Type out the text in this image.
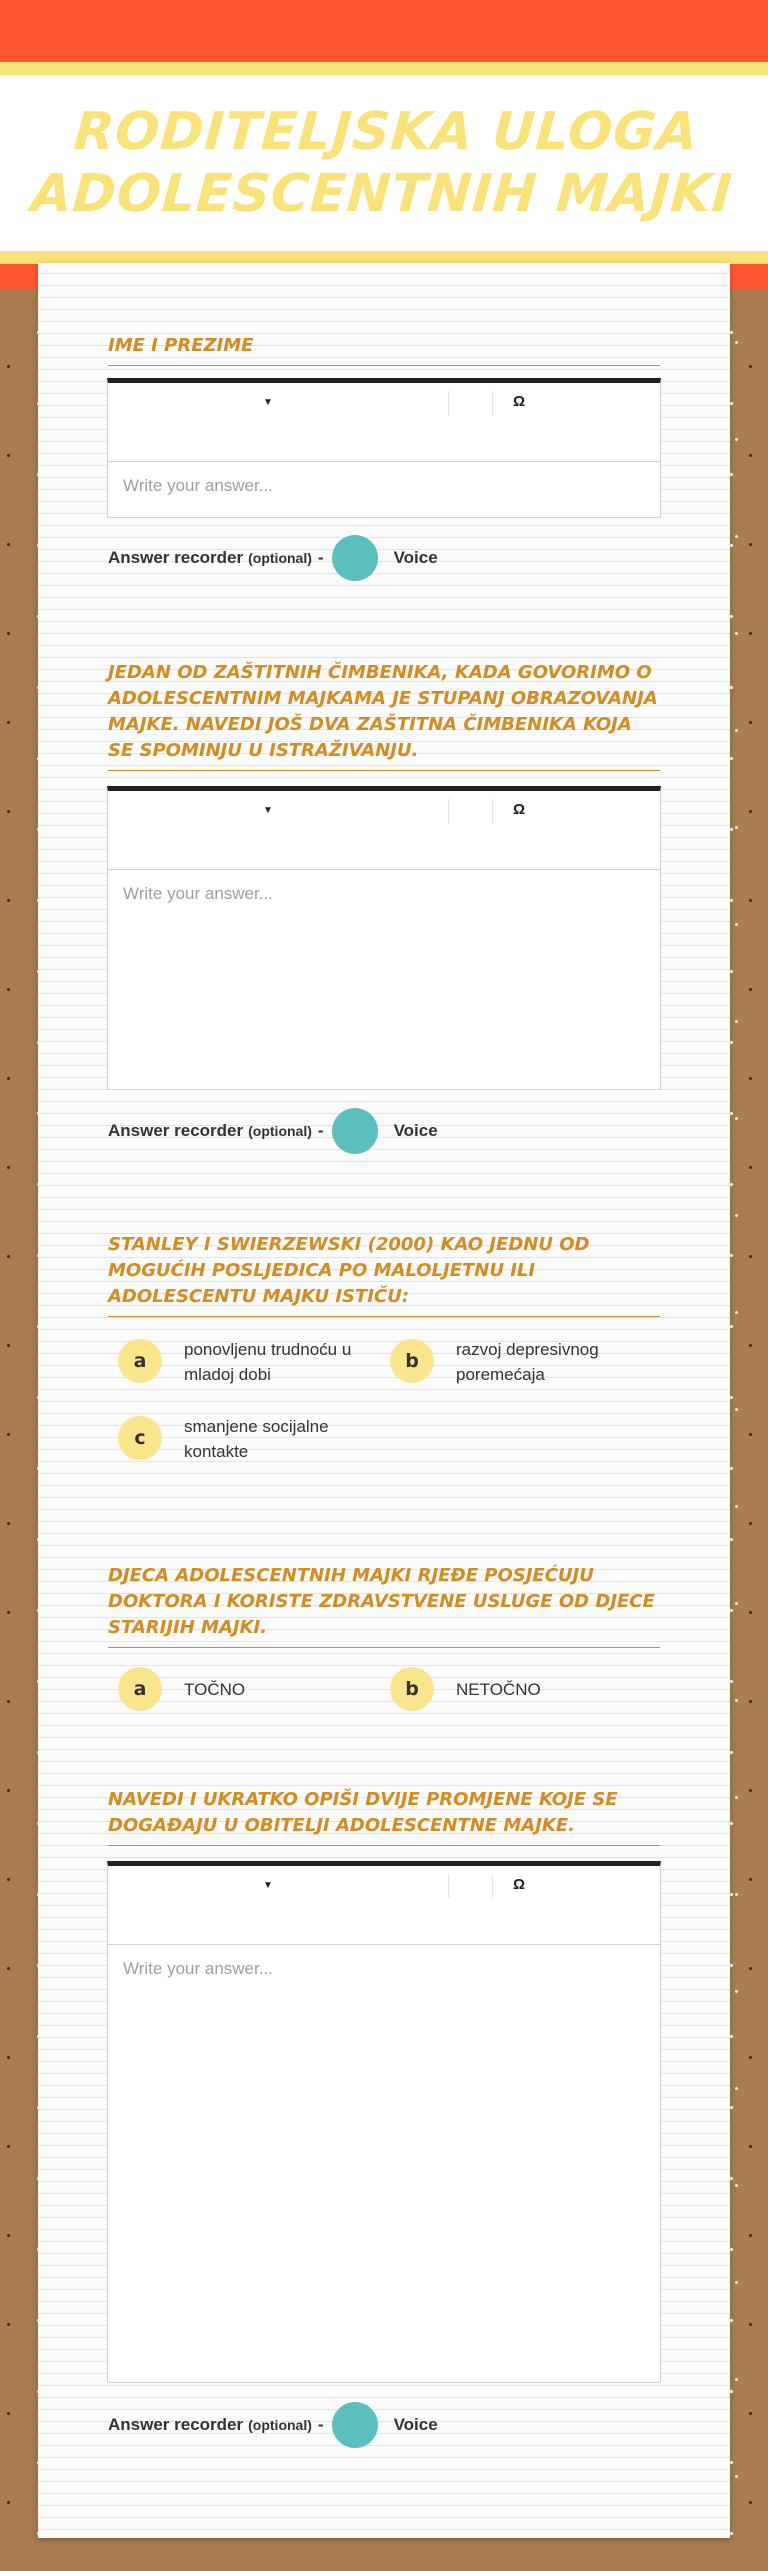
RODITELJSKA ULOGA ADOLESCENTNIH MAJKI
IME I PREZIME
▼	Ω
Write your answer...
Answer recorder (optional) -	Voice
JEDAN OD ZAŠTITNIH ČIMBENIKA, KADA GOVORIMO O ADOLESCENTNIM MAJKAMA JE STUPANJ OBRAZOVANJA MAJKE. NAVEDI JOŠ DVA ZAŠTITNA ČIMBENIKA KOJA SE SPOMINJU U ISTRAŽIVANJU.
▼	Ω
Write your answer...
Answer recorder (optional) -	Voice
STANLEY I SWIERZEWSKI (2000) KAO JEDNU OD MOGUĆIH POSLJEDICA PO MALOLJETNU ILI ADOLESCENTU MAJKU ISTIČU:
a
ponovljenu trudnoću u mladoj dobi
b
razvoj depresivnog poremećaja
c
smanjene socijalne kontakte
DJECA ADOLESCENTNIH MAJKI RJEĐE POSJEĆUJU DOKTORA I KORISTE ZDRAVSTVENE USLUGE OD DJECE STARIJIH MAJKI.
a	TOČNO	b	NETOČNO
NAVEDI I UKRATKO OPIŠI DVIJE PROMJENE KOJE SE DOGAĐAJU U OBITELJI ADOLESCENTNE MAJKE.
▼	Ω
Write your answer...
Answer recorder (optional) -	Voice
